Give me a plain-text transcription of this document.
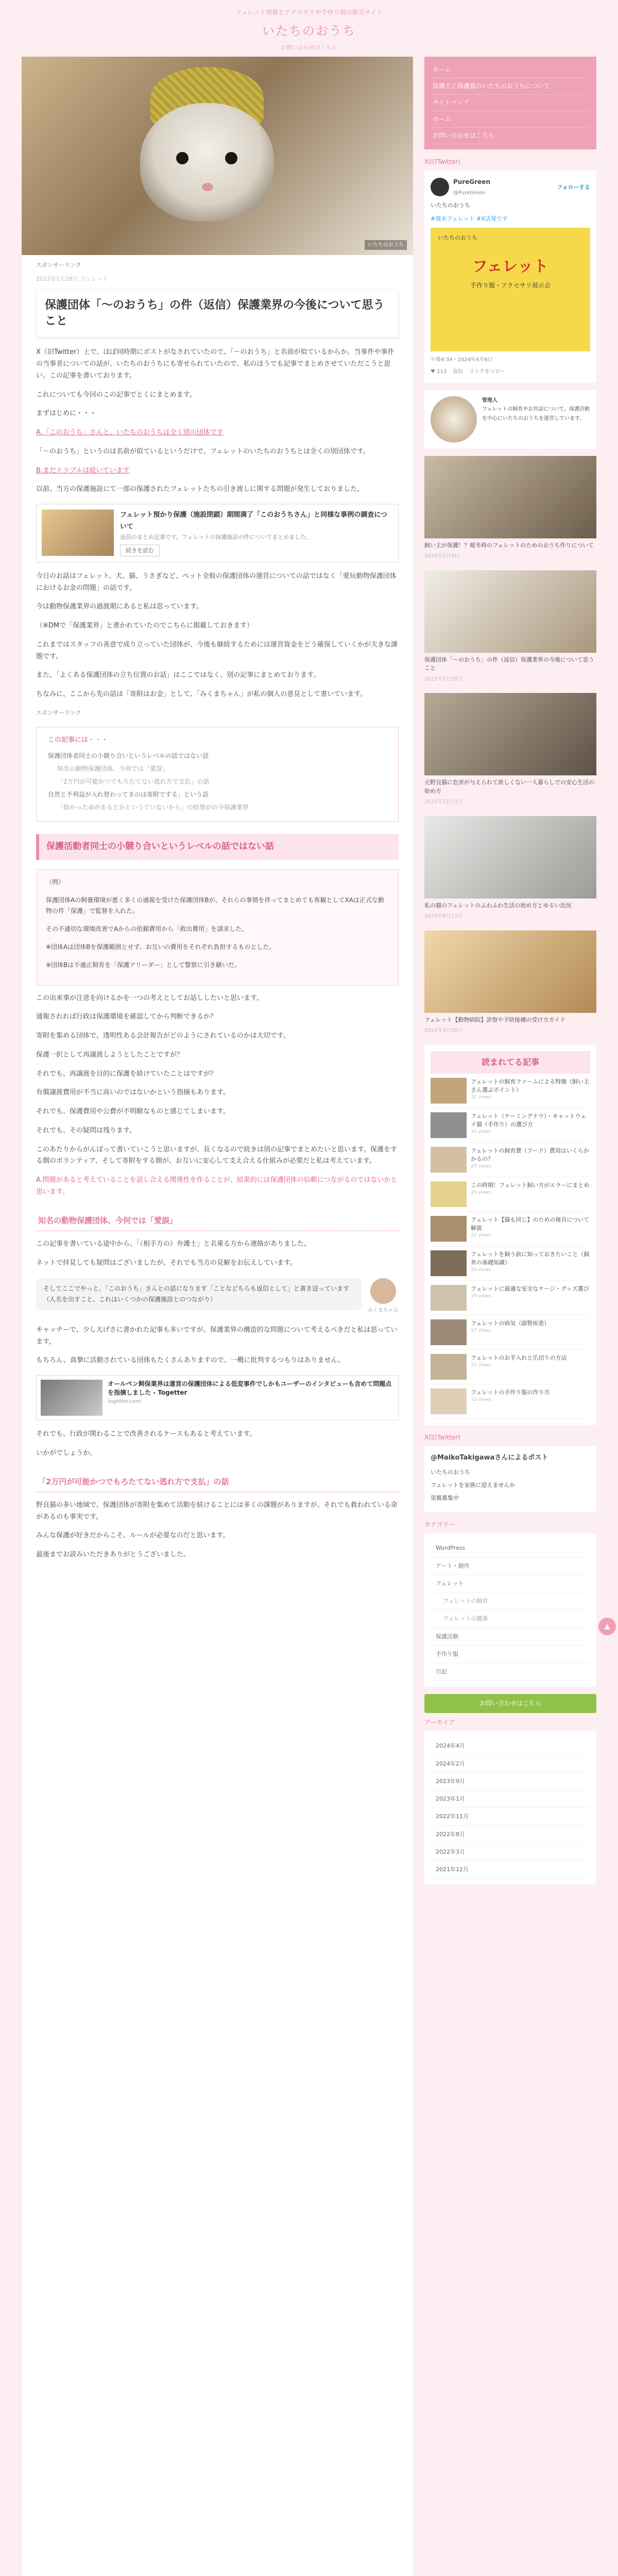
フェレット情報とアクセサリや手作り服の販売サイト
いたちのおうち
お問い合わせはこちら
いたちのおうち
スポンサーリンク
2023年1月28日 フェレット
保護団体「〜のおうち」の件（返信）保護業界の今後について思うこと

X（旧Twitter）上で、ほぼ同時期にポストがなされていたので、「〜のおうち」と名前が似ているからか、当事件や事件の当事者についての話が、いたちのおうちにも寄せられていたので、私のほうでも記事でまとめさせていただこうと思い、この記事を書いております。

これについても今回のこの記事でとくにまとめます。

まずはじめに・・・

A.「このおうち」さんと、いたちのおうちは全く別の団体です

「〜のおうち」というのは名前が似ているというだけで、フェレットのいたちのおうちとは全くの別団体です。

B.まだトラブルは続いています

以前、当方の保護施設にて一部の保護されたフェレットたちの引き渡しに関する問題が発生しておりました。

フェレット預かり保護（施設閉鎖）期間満了「このおうちさん」と同様な事例の調査について
返信のまとめ記事です。フェレットの保護施設の件についてまとめました。
続きを読む

今日のお話はフェレット、犬、猫、うさぎなど、ペット全般の保護団体の運営についての話ではなく「愛玩動物保護団体におけるお金の問題」の話です。

今は動物保護業界の過渡期にあると私は思っています。

（※DMで「保護業界」と書かれていたのでこちらに掲載しておきます）

これまではスタッフの善意で成り立っていた団体が、今後も継続するためには運営資金をどう確保していくかが大きな課題です。

また、「よくある保護団体の立ち位置のお話」はここではなく、別の記事にまとめております。

ちなみに、ここから先の話は「寄附はお金」として、「みくまちゃん」が私の個人の意見として書いています。

スポンサーリンク
この記事には・・・
保護団体者同士の小競り合いというレベルの話ではない話
知名の動物保護団体、今何では「愛誤」
「2万円が可能かつでもろたてない逃れ方で支払」の話
自然と不利益が入れ替わってきのは寄附でする」という話
「助かった命があるとかというていないから」の結果がの今保護業界
保護活動者同士の小競り合いというレベルの話ではない話

（例）

保護団体Aの飼養環境が悪く多くの通報を受けた保護団体Bが、それらの事情を伴ってまとめても客観としてXAは正式な動物の件「保護」で監督を入れた。

その不適切な環境改善でAからの依頼費用から「救出費用」を請求した。

※団体Aは団体Bを保護範囲とせず、お互いの費用をそれぞれ負担するものとした。

※団体Bは不適正飼育を「保護アリーダー」として警察に引き継いだ。

この出来事が注意を向けるかを一つの考えとしてお話ししたいと思います。

通報されれば行政は保護環境を確認してから判断できるか？

寄附を集める団体で、透明性ある会計報告がどのようにされているのかは大切です。

保護一択として再譲渡しようとしたことですが？

それでも、再譲渡を目的に保護を続けていたことはですが？

有償譲渡費用が不当に高いのではないかという指摘もあります。

それでも、保護費用や公費が不明瞭なものと感じてしまいます。

それでも、その疑問は残ります。

このあたりからがんばって書いていこうと思いますが、長くなるので続きは別の記事でまとめたいと思います。保護をする側のボランティア、そして寄附をする側が、お互いに安心して支え合える仕組みが必要だと私は考えています。

A.問題があると考えていることを話し合える関係性を作ることが、結果的には保護団体の信頼につながるのではないかと思います。

知名の動物保護団体、今何では「愛誤」

この記事を書いている途中から、「（相手方の）弁護士」と名乗る方から連絡がありました。

ネットで拝見しても疑問はございましたが、それでも当方の見解をお伝えしています。

そしてここでやっと、「このおうち」さんとの話になります「ことなどちらも返信として」と書き送っています（人名を出すこと、これはいくつかの保護施設とのつながり）
みくまちゃん

キャッチーで、少し大げさに書かれた記事も多いですが、保護業界の構造的な問題について考えるべきだと私は思っています。

もちろん、真摯に活動されている団体もたくさんありますので、一概に批判するつもりはありません。

オールペン飼保業界は運営の保護団体による低変事件でしかもユーザーのインタビューも含めて問題点を指摘しました - Togetter
togetter.com

それでも、行政が関わることで改善されるケースもあると考えています。

いかがでしょうか。

「2万円が可能かつでもろたてない逃れ方で支払」の話

野良猫の多い地域で、保護団体が寄附を集めて活動を続けることには多くの課題がありますが、それでも救われている命があるのも事実です。

みんな保護が好きだからこそ、ルールが必要なのだと思います。

最後までお読みいただきありがとうございました。

ホーム
保護犬と保護猫のいたちのおうちについて
サイトマップ
ホーム
お問い合わせはこちら
X(旧Twitter)
PureGreen
@PureGreen
フォローする
いたちのおうち
#週末フェレット #X活発です
いたちのおうち
フェレット
手作り服・アクセサリ展示会
午後4:34・2024年4月6日
♥ 113 返信 リンクをコピー
管理人
フェレットの飼育やお世話について、保護活動を中心にいたちのおうちを運営しています。
飼い主が保護！？暖冬時のフェレットのためのおうち作りについて
2024年2月4日
保護団体「〜のおうち」の件（返信）保護業界の今後について思うこと
2023年1月28日
元野良猫に危害が与えられて欲しくない一人暮らしでの安心生活の始め方
2022年11月3日
私の猫のフェレットのふわふわ生活の始め方とゆるい近況
2022年8月12日
フェレット【動物病院】診察や予防接種の受け方ガイド
2022年3月20日
読まれてる記事
フェレットの飼育ファームによる特徴（飼い主さん選ぶポイント）
32 views
フェレット（ケーミングナウ）・キャットウェイ猫（手作り）の選び方
30 views
フェレットの飼育費（フード）費用はいくらかかるの？
28 views
この時期！フェレット飼い方がエラーにまとめ
25 views
フェレット【猫も同じ】のための寝具について解説
22 views
フェレットを飼う前に知っておきたいこと（飼育の基礎知識）
20 views
フェレットに最適な安全なケージ・グッズ選び
19 views
フェレットの病気（副腎疾患）
17 views
フェレットのお手入れと爪切りの方法
15 views
フェレットの手作り服の作り方
12 views
X(旧Twitter)
@MaikoTakigawaさんによるポスト
いたちのおうち
フェレットを家族に迎えませんか
里親募集中
カテゴリー
WordPress
アート・創作
フェレット
フェレットの飼育
フェレットの健康
保護活動
手作り服
日記
お問い合わせはこちら
アーカイブ
2024年4月
2024年2月
2023年9月
2023年1月
2022年11月
2022年8月
2022年3月
2021年12月
▲
